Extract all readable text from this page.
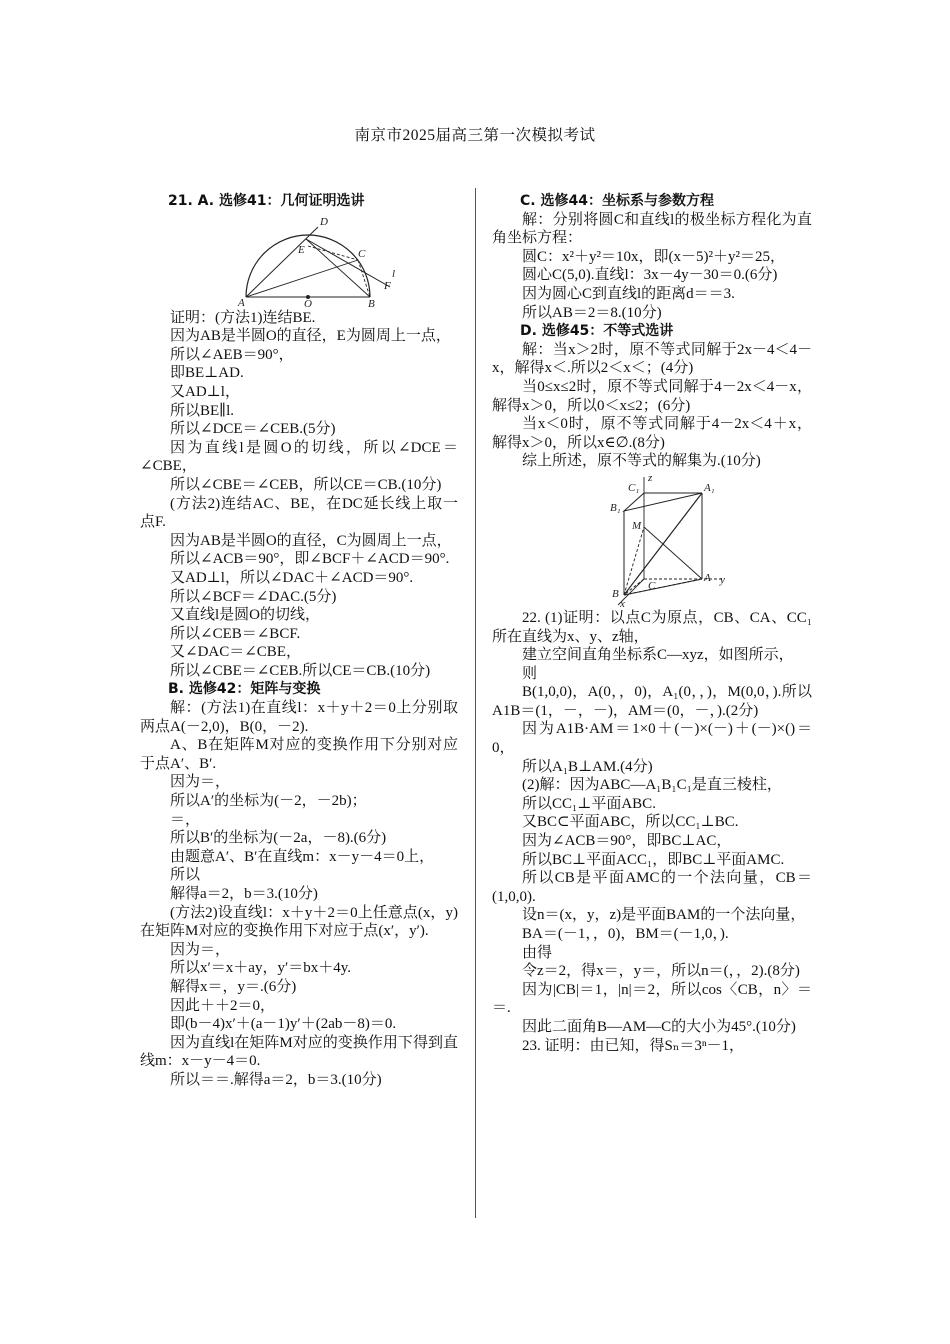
南京市2025届高三第一次模拟考试

21. A. 选修41：几何证明选讲

D
E	C
F
A	O	B
l

证明：(方法1)连结BE.

因为AB是半圆O的直径，E为圆周上一点，

所以∠AEB＝90°，

即BE⊥AD.

又AD⊥l，

所以BE∥l.

所以∠DCE＝∠CEB.(5分)

因为直线l是圆O的切线，所以∠DCE＝∠CBE，

所以∠CBE＝∠CEB，所以CE＝CB.(10分)

(方法2)连结AC、BE，在DC延长线上取一点F.

因为AB是半圆O的直径，C为圆周上一点，

所以∠ACB＝90°，即∠BCF＋∠ACD＝90°.

又AD⊥l，所以∠DAC＋∠ACD＝90°.

所以∠BCF＝∠DAC.(5分)

又直线l是圆O的切线，

所以∠CEB＝∠BCF.

又∠DAC＝∠CBE，

所以∠CBE＝∠CEB.所以CE＝CB.(10分)

B. 选修42：矩阵与变换

解：(方法1)在直线l：x＋y＋2＝0上分别取两点A(－2,0)，B(0，－2).

A、B在矩阵M对应的变换作用下分别对应于点A′、B′.

因为＝，

所以A′的坐标为(－2，－2b)；

＝，

所以B′的坐标为(－2a，－8).(6分)

由题意A′、B′在直线m：x－y－4＝0上，

所以

解得a＝2，b＝3.(10分)

(方法2)设直线l：x＋y＋2＝0上任意点(x，y)在矩阵M对应的变换作用下对应于点(x′，y′).

因为＝，

所以x′＝x＋ay，y′＝bx＋4y.

解得x＝，y＝.(6分)

因此＋＋2＝0，

即(b－4)x′＋(a－1)y′＋(2ab－8)＝0.

因为直线l在矩阵M对应的变换作用下得到直线m：x－y－4＝0.

所以＝＝.解得a＝2，b＝3.(10分)

C. 选修44：坐标系与参数方程

解：分别将圆C和直线l的极坐标方程化为直角坐标方程：

圆C：x²＋y²＝10x，即(x－5)²＋y²＝25，

圆心C(5,0).直线l：3x－4y－30＝0.(6分)

因为圆心C到直线l的距离d＝＝3.

所以AB＝2＝8.(10分)

D. 选修45：不等式选讲

解：当x＞2时，原不等式同解于2x－4＜4－x，解得x＜.所以2＜x＜；(4分)

当0≤x≤2时，原不等式同解于4－2x＜4－x，解得x＞0，所以0＜x≤2；(6分)

当x＜0时，原不等式同解于4－2x＜4＋x，解得x＞0，所以x∈∅.(8分)

综上所述，原不等式的解集为.(10分)

z
C₁	A₁
B₁
M
A y
C
B
x

22. (1)证明：以点C为原点，CB、CA、CC₁所在直线为x、y、z轴，

建立空间直角坐标系C—xyz，如图所示，

则

B(1,0,0)，A(0，，0)，A₁(0，，)，M(0,0，).所以A1B＝(1，－，－)，AM＝(0，－，).(2分)

因为A1B·AM＝1×0＋(－)×(－)＋(－)×()＝0，

所以A₁B⊥AM.(4分)

(2)解：因为ABC—A₁B₁C₁是直三棱柱，

所以CC₁⊥平面ABC.

又BC⊂平面ABC，所以CC₁⊥BC.

因为∠ACB＝90°，即BC⊥AC，

所以BC⊥平面ACC₁，即BC⊥平面AMC.

所以CB是平面AMC的一个法向量，CB＝(1,0,0).

设n＝(x，y，z)是平面BAM的一个法向量，

BA＝(－1，，0)，BM＝(－1,0，).

由得

令z＝2，得x＝，y＝，所以n＝(，，2).(8分)

因为|CB|＝1，|n|＝2，所以cos〈CB，n〉＝＝.

因此二面角B—AM—C的大小为45°.(10分)

23. 证明：由已知，得Sₙ＝3ⁿ－1，
